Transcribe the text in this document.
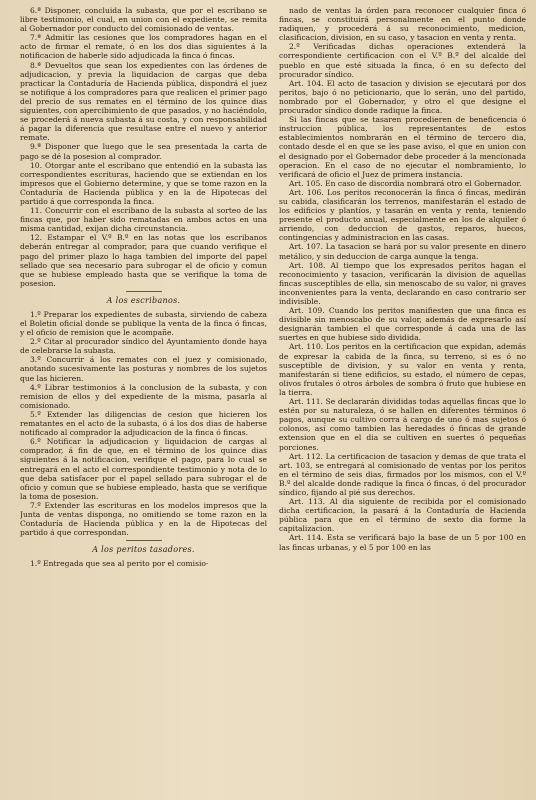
6.ª Disponer, concluida la subasta, que por el escribano se libre testimonio, el cual, en union con el expediente, se remita al Gobernador por conducto del comisionado de ventas.

7.ª Admitir las cesiones que los compradores hagan en el acto de firmar el remate, ó en los dos dias siguientes á la notificacion de haberle sido adjudicada la finca ó fincas.

8.ª Devueltos que sean los expedientes con las órdenes de adjudicacion, y previa la liquidacion de cargas que deba practicar la Contaduría de Hacienda pública, dispondrá el juez se notifique á los compradores para que realicen el primer pago del precio de sus remates en el término de los quince dias siguientes, con apercibimiento de que pasados, y no haciéndolo, se procederá á nueva subasta á su costa, y con responsabilidad á pagar la diferencia que resultase entre el nuevo y anterior remate.

9.ª Disponer que luego que le sea presentada la carta de pago se dé la posesion al comprador.

10. Otorgar ante el escribano que entendió en la subasta las correspondientes escrituras, haciendo que se extiendan en los impresos que el Gobierno determine, y que se tome razon en la Contaduría de Hacienda pública y en la de Hipotecas del partido á que corresponda la finca.

11. Concurrir con el escribano de la subasta al sorteo de las fincas que, por haber sido rematadas en ambos actos en una misma cantidad, exijan dicha circunstancia.

12. Estampar el V.º B.º en las notas que los escribanos deberán entregar al comprador, para que cuando verifique el pago del primer plazo lo haga tambien del importe del papel sellado que sea necesario para subrogar el de oficio y comun que se hubiese empleado hasta que se verifique la toma de posesion.

A los escribanos.

1.º Preparar los expedientes de subasta, sirviendo de cabeza el Boletin oficial donde se publique la venta de la finca ó fincas, y el oficio de remision que le acompañe.

2.º Citar al procurador síndico del Ayuntamiento donde haya de celebrarse la subasta.

3.º Concurrir á los remates con el juez y comisionado, anotando sucesivamente las posturas y nombres de los sujetos que las hicieren.

4.º Librar testimonios á la conclusion de la subasta, y con remision de ellos y del expediente de la misma, pasarla al comisionado.

5.º Extender las diligencias de cesion que hicieren los rematantes en el acto de la subasta, ó á los dos dias de haberse notificado al comprador la adjudicacion de la finca ó fincas.

6.º Notificar la adjudicacion y liquidacion de cargas al comprador, á fin de que, en el término de los quince dias siguientes á la notificacion, verifique el pago, para lo cual se entregará en el acto el correspondiente testimonio y nota de lo que deba satisfacer por el papel sellado para subrogar el de oficio y comun que se hubiese empleado, hasta que se verifique la toma de posesion.

7.º Extender las escrituras en los modelos impresos que la Junta de ventas disponga, no omitiendo se tome razon en la Contaduría de Hacienda pública y en la de Hipotecas del partido á que correspondan.

A los peritos tasadores.

1.º Entregada que sea al perito por el comisio-

nado de ventas la órden para reconocer cualquier finca ó fincas, se constituirá personalmente en el punto donde radiquen, y procederá á su reconocimiento, medicion, clasificacion, division, en su caso, y tasacion en venta y renta.

2.º Verificadas dichas operaciones extenderá la correspondiente certificacion con el V.º B.º del alcalde del pueblo en que esté situada la finca, ó en su defecto del procurador síndico.

Art. 104. El acto de tasacion y division se ejecutará por dos peritos, bajo ó no peticionario, que lo serán, uno del partido, nombrado por el Gobernador, y otro el que designe el procurador síndico donde radique la finca.

Si las fincas que se tasaren procedieren de beneficencia ó instruccion pública, los representantes de estos establecimientos nombrarán en el término de tercero dia, contado desde el en que se les pase aviso, el que en union con el designado por el Gobernador debe proceder á la mencionada operacion. En el caso de no ejecutar el nombramiento, lo verificará de oficio el Juez de primera instancia.

Art. 105. En caso de discordia nombrará otro el Gobernador.

Art. 106. Los peritos reconocerán la finca ó fincas, medirán su cabida, clasificarán los terrenos, manifestarán el estado de los edificios y plantíos, y tasarán en venta y renta, teniendo presente el producto anual, especialmente en los de alquiler ó arriendo, con deduccion de gastos, reparos, huecos, contingencias y administracion en las casas.

Art. 107. La tasacion se hará por su valor presente en dinero metálico, y sin deduccion de carga aunque la tenga.

Art. 108. Al tiempo que los expresados peritos hagan el reconocimiento y tasacion, verificarán la division de aquellas fincas susceptibles de ella, sin menoscabo de su valor, ni graves inconvenientes para la venta, declarando en caso contrario ser indivisible.

Art. 109. Cuando los peritos manifiesten que una finca es divisible sin menoscabo de su valor, además de expresarlo así designarán tambien el que corresponde á cada una de las suertes en que hubiese sido dividida.

Art. 110. Los peritos en la certificacion que expidan, además de expresar la cabida de la finca, su terreno, si es ó no susceptible de division, y su valor en venta y renta, manifestarán si tiene edificios, su estado, el número de cepas, olivos frutales ó otros árboles de sombra ó fruto que hubiese en la tierra.

Art. 111. Se declararán divididas todas aquellas fincas que lo estén por su naturaleza, ó se hallen en diferentes términos ó pagos, aunque su cultivo corra á cargo de uno ó mas sujetos ó colonos, así como tambien las heredades ó fincas de grande extension que en el dia se cultiven en suertes ó pequeñas porciones.

Art. 112. La certificacion de tasacion y demas de que trata el art. 103, se entregará al comisionado de ventas por los peritos en el término de seis dias, firmados por los mismos, con el V.º B.º del alcalde donde radique la finca ó fincas, ó del procurador síndico, fijando al pié sus derechos.

Art. 113. Al dia siguiente de recibida por el comisionado dicha certificacion, la pasará á la Contaduría de Hacienda pública para que en el término de sexto dia forme la capitalizacion.

Art. 114. Esta se verificará bajo la base de un 5 por 100 en las fincas urbanas, y el 5 por 100 en las
